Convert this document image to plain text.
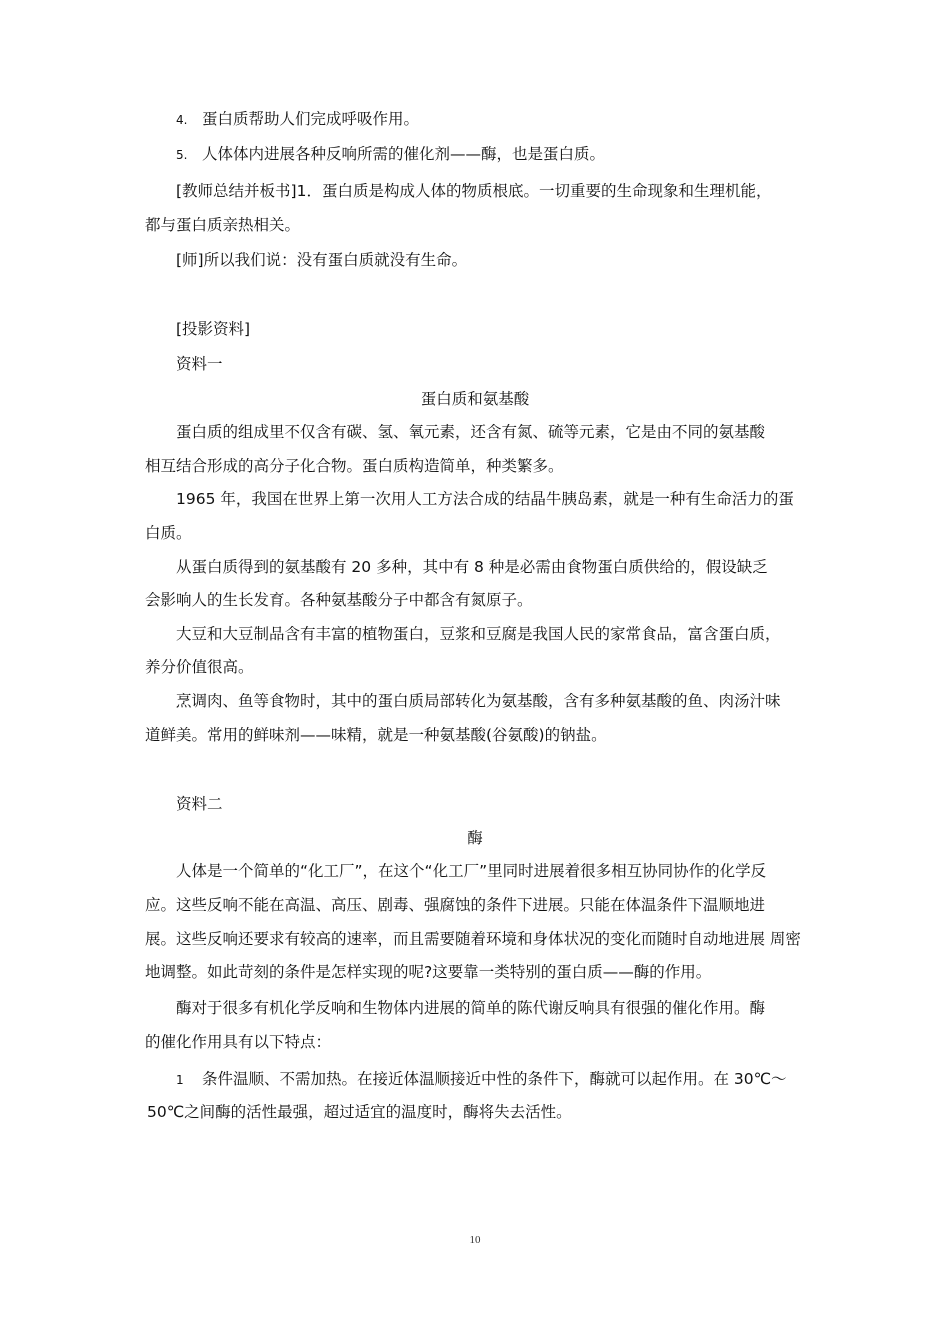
4. 蛋白质帮助人们完成呼吸作用。
5. 人体体内进展各种反响所需的催化剂——酶，也是蛋白质。
[教师总结并板书]1．蛋白质是构成人体的物质根底。一切重要的生命现象和生理机能，
都与蛋白质亲热相关。
[师]所以我们说：没有蛋白质就没有生命。
[投影资料]
资料一
蛋白质和氨基酸
蛋白质的组成里不仅含有碳、氢、氧元素，还含有氮、硫等元素，它是由不同的氨基酸
相互结合形成的高分子化合物。蛋白质构造简单，种类繁多。
1965 年，我国在世界上第一次用人工方法合成的结晶牛胰岛素，就是一种有生命活力的蛋
白质。
从蛋白质得到的氨基酸有 20 多种，其中有 8 种是必需由食物蛋白质供给的，假设缺乏
会影响人的生长发育。各种氨基酸分子中都含有氮原子。
大豆和大豆制品含有丰富的植物蛋白，豆浆和豆腐是我国人民的家常食品，富含蛋白质，
养分价值很高。
烹调肉、鱼等食物时，其中的蛋白质局部转化为氨基酸，含有多种氨基酸的鱼、肉汤汁味
道鲜美。常用的鲜味剂——味精，就是一种氨基酸(谷氨酸)的钠盐。
资料二
酶
人体是一个简单的“化工厂”，在这个“化工厂”里同时进展着很多相互协同协作的化学反
应。这些反响不能在高温、高压、剧毒、强腐蚀的条件下进展。只能在体温条件下温顺地进
展。这些反响还要求有较高的速率，而且需要随着环境和身体状况的变化而随时自动地进展 周密
地调整。如此苛刻的条件是怎样实现的呢?这要靠一类特别的蛋白质——酶的作用。
酶对于很多有机化学反响和生物体内进展的简单的陈代谢反响具有很强的催化作用。酶
的催化作用具有以下特点：
1 条件温顺、不需加热。在接近体温顺接近中性的条件下，酶就可以起作用。在 30℃～
50℃之间酶的活性最强，超过适宜的温度时，酶将失去活性。
10
